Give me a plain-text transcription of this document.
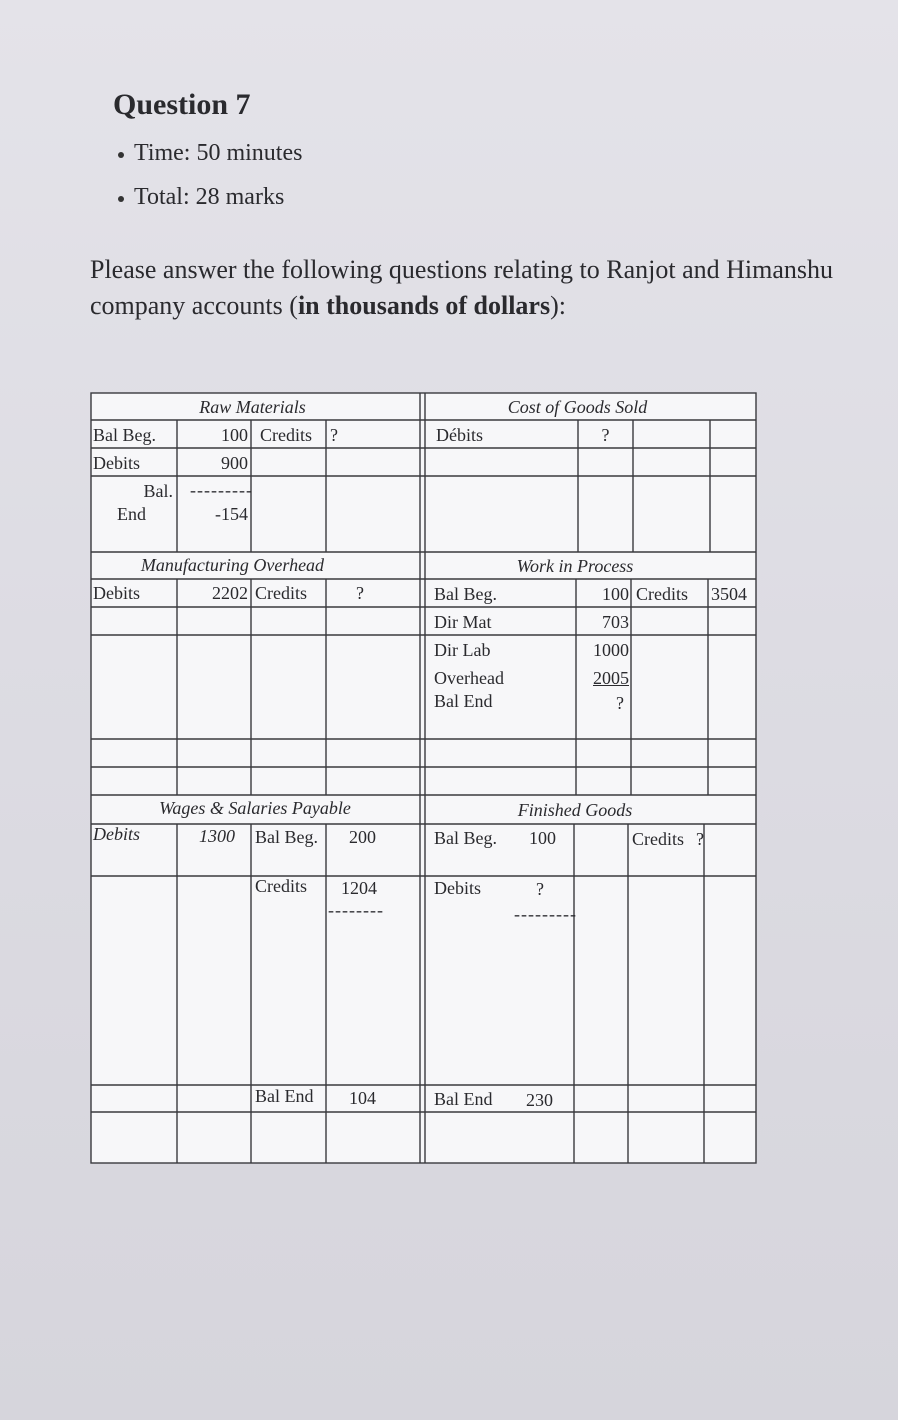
Question 7
Time: 50 minutes
Total: 28 marks

Please answer the following questions relating to Ranjot and Himanshu company accounts (in thousands of dollars):

Raw Materials
Bal Beg.	100 Credits ?
Debits	900
---------
Bal.
End	-154
Cost of Goods Sold
Débits	?
Manufacturing Overhead
Debits	2202 Credits	?
Work in Process
Bal Beg.	100 Credits 3504
Dir Mat	703
Dir Lab	1000
Overhead	2005
Bal End	?
Wages & Salaries Payable
Debits	1300 Bal Beg.	200
Credits	1204
--------
Bal End	104
Finished Goods
Bal Beg. 100	Credits ?
Debits	?
---------
Bal End 230
